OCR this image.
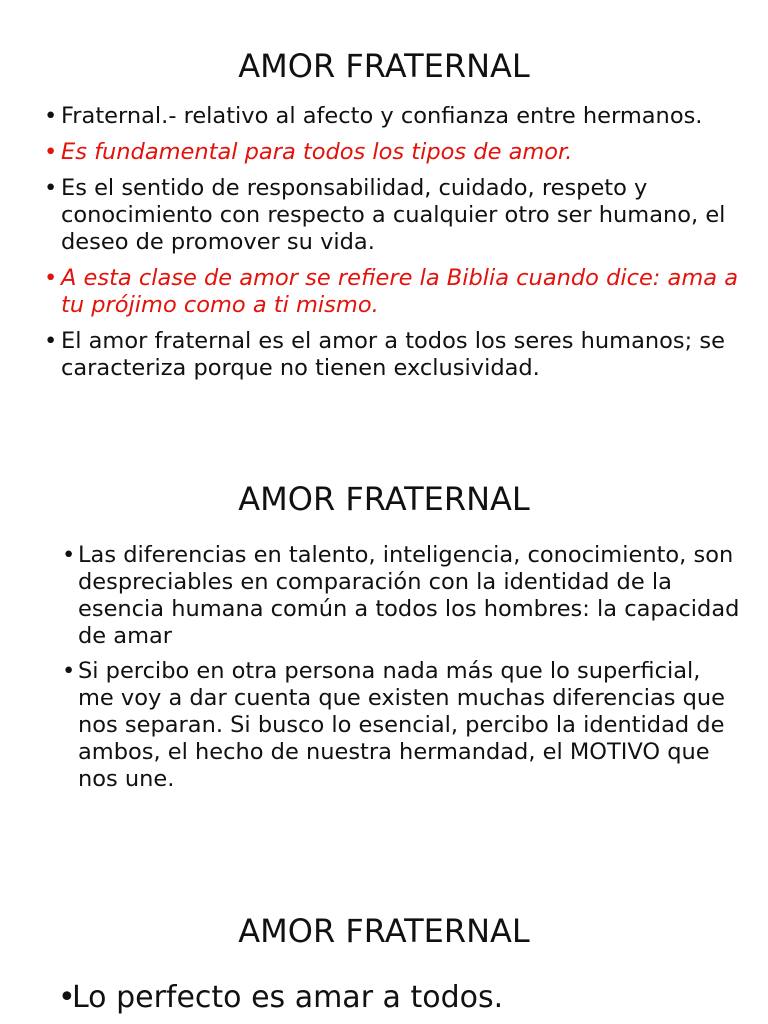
AMOR FRATERNAL
• Fraternal.- relativo al afecto y confianza entre hermanos.
• Es fundamental para todos los tipos de amor.
• Es el sentido de responsabilidad, cuidado, respeto y conocimiento con respecto a cualquier otro ser humano, el deseo de promover su vida.
• A esta clase de amor se refiere la Biblia cuando dice: ama a tu prójimo como a ti mismo.
• El amor fraternal es el amor a todos los seres humanos; se caracteriza porque no tienen exclusividad.
AMOR FRATERNAL
• Las diferencias en talento, inteligencia, conocimiento, son despreciables en comparación con la identidad de la esencia humana común a todos los hombres: la capacidad de amar
• Si percibo en otra persona nada más que lo superficial, me voy a dar cuenta que existen muchas diferencias que nos separan. Si busco lo esencial, percibo la identidad de ambos, el hecho de nuestra hermandad, el MOTIVO que nos une.
AMOR FRATERNAL
•
Lo perfecto es amar a todos.
